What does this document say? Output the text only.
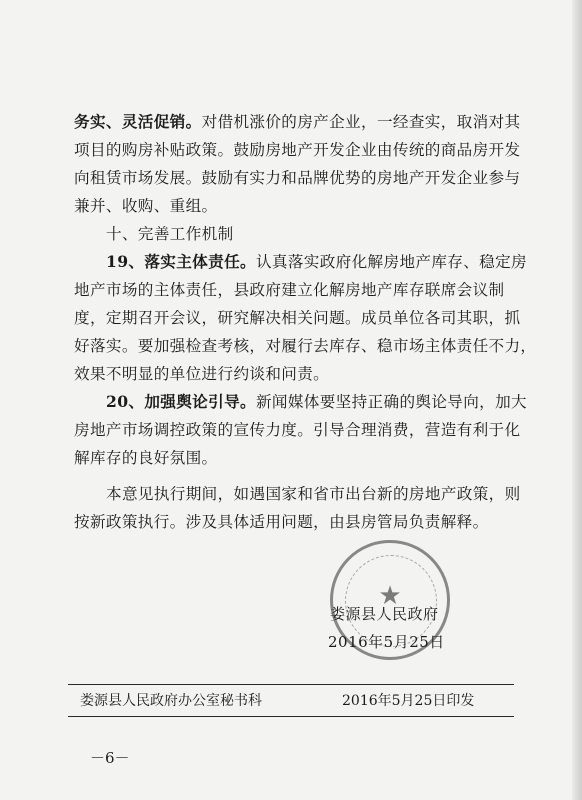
务实、灵活促销。对借机涨价的房产企业，一经查实，取消对其
项目的购房补贴政策。鼓励房地产开发企业由传统的商品房开发
向租赁市场发展。鼓励有实力和品牌优势的房地产开发企业参与
兼并、收购、重组。
十、完善工作机制
19、落实主体责任。认真落实政府化解房地产库存、稳定房
地产市场的主体责任，县政府建立化解房地产库存联席会议制
度，定期召开会议，研究解决相关问题。成员单位各司其职，抓
好落实。要加强检查考核，对履行去库存、稳市场主体责任不力，
效果不明显的单位进行约谈和问责。
20、加强舆论引导。新闻媒体要坚持正确的舆论导向，加大
房地产市场调控政策的宣传力度。引导合理消费，营造有利于化
解库存的良好氛围。
本意见执行期间，如遇国家和省市出台新的房地产政策，则
按新政策执行。涉及具体适用问题，由县房管局负责解释。
★
娄源县人民政府
2016年5月25日
娄源县人民政府办公室秘书科	2016年5月25日印发
－6－
